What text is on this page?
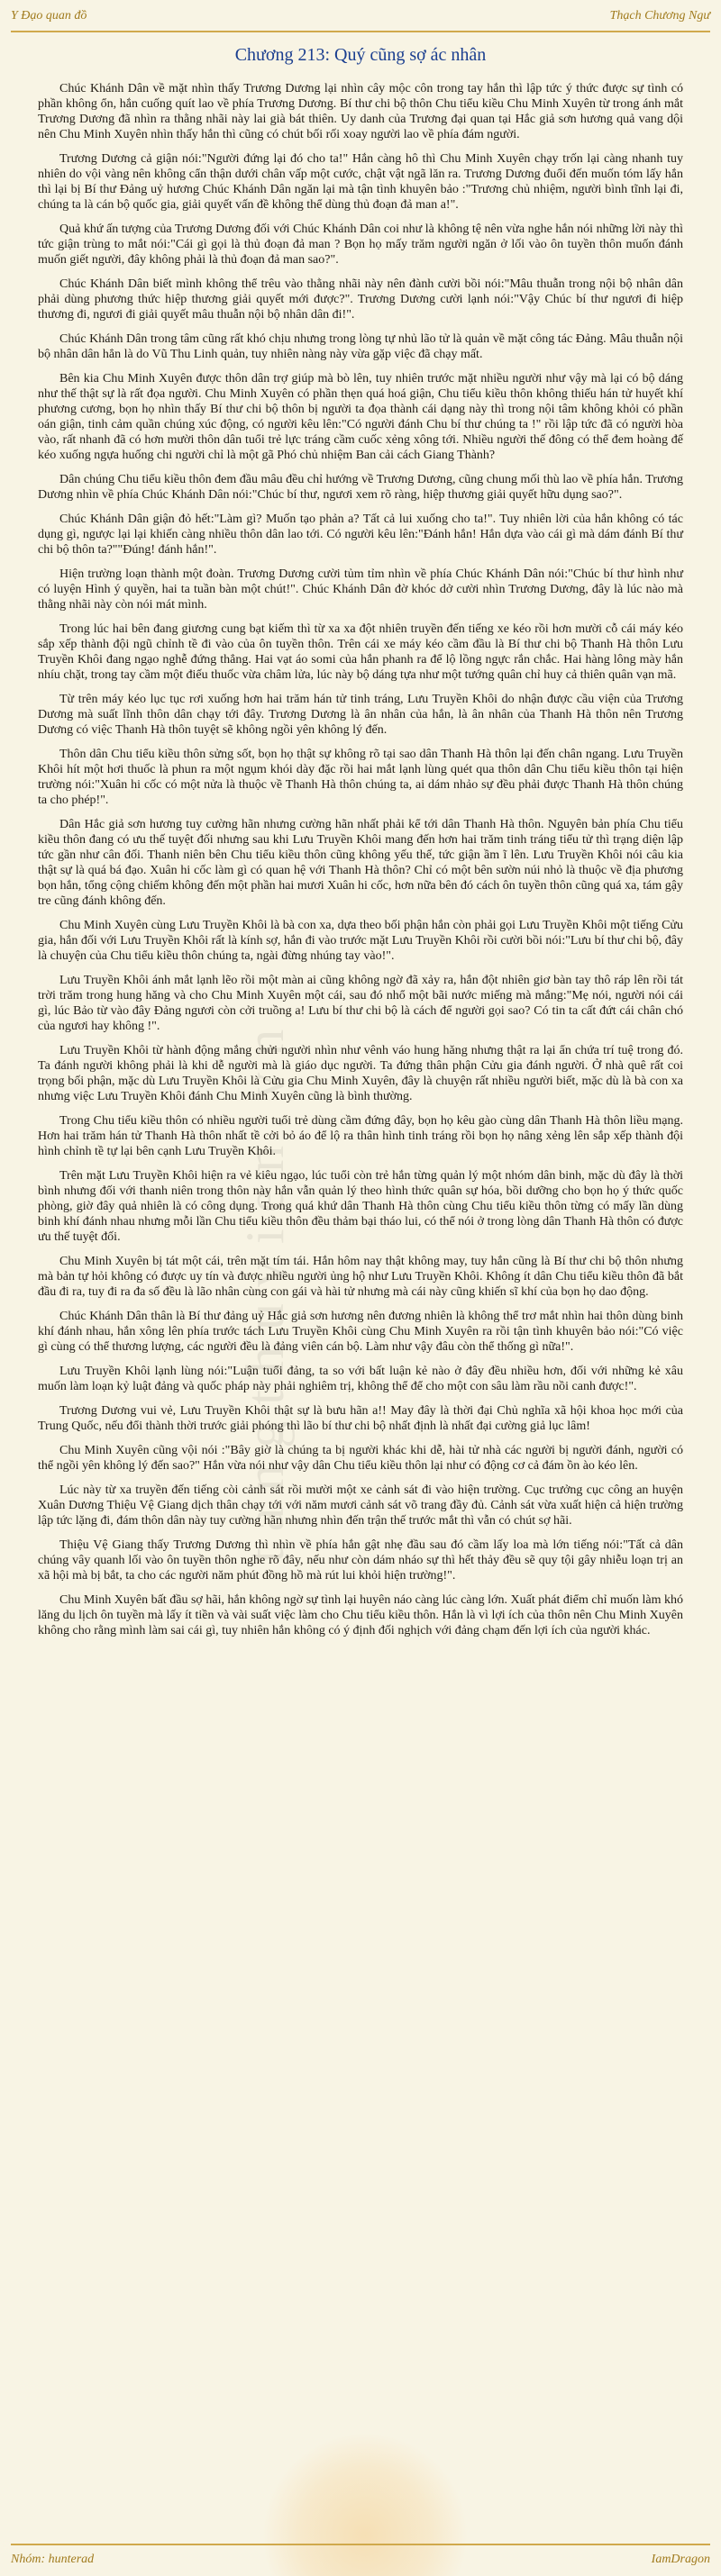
tangthuvien.vn
Y Đạo quan đồ	Thạch Chương Ngư
Chương 213: Quý cũng sợ ác nhân

Chúc Khánh Dân về mặt nhìn thấy Trương Dương lại nhìn cây mộc côn trong tay hắn thì lập tức ý thức được sự tình có phần không ổn, hắn cuống quít lao về phía Trương Dương. Bí thư chi bộ thôn Chu tiểu kiều Chu Minh Xuyên từ trong ánh mắt Trương Dương đã nhìn ra thằng nhãi này lai già bát thiên. Uy danh của Trương đại quan tại Hắc giả sơn hương quả vang dội nên Chu Minh Xuyên nhìn thấy hắn thì cũng có chút bối rối xoay người lao về phía đám người.

Trương Dương cả giận nói:"Người đứng lại đó cho ta!" Hắn càng hô thì Chu Minh Xuyên chạy trốn lại càng nhanh tuy nhiên do vội vàng nên không cẩn thận dưới chân vấp một cước, chật vật ngã lăn ra. Trương Dương đuổi đến muốn tóm lấy hắn thì lại bị Bí thư Đảng uỷ hương Chúc Khánh Dân ngăn lại mà tận tình khuyên bảo :"Trương chủ nhiệm, người bình tĩnh lại đi, chúng ta là cán bộ quốc gia, giải quyết vấn đề không thể dùng thủ đoạn đả man a!".

Quả khứ ấn tượng của Trương Dương đối với Chúc Khánh Dân coi như là không tệ nên vừa nghe hắn nói những lời này thì tức giận trùng to mắt nói:"Cái gì gọi là thủ đoạn đả man ? Bọn họ mấy trăm người ngăn ở lối vào ôn tuyền thôn muốn đánh muốn giết người, đây không phải là thủ đoạn đả man sao?".

Chúc Khánh Dân biết mình không thể trêu vào thằng nhãi này nên đành cười bồi nói:"Mâu thuẫn trong nội bộ nhân dân phải dùng phương thức hiệp thương giải quyết mới được?". Trương Dương cười lạnh nói:"Vậy Chúc bí thư ngươi đi hiệp thương đi, ngươi đi giải quyết mâu thuẫn nội bộ nhân dân đi!".

Chúc Khánh Dân trong tâm cũng rất khó chịu nhưng trong lòng tự nhủ lão tử là quản về mặt công tác Đảng. Mâu thuẫn nội bộ nhân dân hẳn là do Vũ Thu Linh quản, tuy nhiên nàng này vừa gặp việc đã chạy mất.

Bên kia Chu Minh Xuyên được thôn dân trợ giúp mà bò lên, tuy nhiên trước mặt nhiều người như vậy mà lại có bộ dáng như thế thật sự là rất đọa người. Chu Minh Xuyên có phần thẹn quá hoá giận, Chu tiểu kiều thôn không thiếu hán tử huyết khí phương cương, bọn họ nhìn thấy Bí thư chi bộ thôn bị người ta đọa thành cái dạng này thì trong nội tâm không khỏi có phần oán giận, tinh cảm quần chúng xúc động, có người kêu lên:"Có người đánh Chu bí thư chúng ta !" rồi lập tức đã có người hòa vào, rất nhanh đã có hơn mười thôn dân tuổi trẻ lực tráng cầm cuốc xẻng xông tới. Nhiều người thế đông có thể đem hoàng đế kéo xuống ngựa huống chi người chỉ là một gã Phó chủ nhiệm Ban cải cách Giang Thành?

Dân chúng Chu tiểu kiều thôn đem đầu mâu đều chỉ hướng về Trương Dương, cũng chung mối thù lao về phía hắn. Trương Dương nhìn về phía Chúc Khánh Dân nói:"Chúc bí thư, ngươi xem rõ ràng, hiệp thương giải quyết hữu dụng sao?".

Chúc Khánh Dân giận đỏ hết:"Làm gì? Muốn tạo phản a? Tất cả lui xuống cho ta!". Tuy nhiên lời của hắn không có tác dụng gì, ngược lại lại khiến càng nhiều thôn dân lao tới. Có người kêu lên:"Đánh hắn! Hắn dựa vào cái gì mà dám đánh Bí thư chi bộ thôn ta?""Đúng! đánh hắn!".

Hiện trường loạn thành một đoàn. Trương Dương cười tủm tỉm nhìn về phía Chúc Khánh Dân nói:"Chúc bí thư hình như có luyện Hình ý quyền, hai ta tuần bàn một chút!". Chúc Khánh Dân đờ khóc dở cười nhìn Trương Dương, đây là lúc nào mà thằng nhãi này còn nói mát mình.

Trong lúc hai bên đang giương cung bạt kiếm thì từ xa xa đột nhiên truyền đến tiếng xe kéo rồi hơn mười cỗ cái máy kéo sắp xếp thành đội ngũ chỉnh tề đi vào của ôn tuyền thôn. Trên cái xe máy kéo cầm đầu là Bí thư chi bộ Thanh Hà thôn Lưu Truyền Khôi đang ngạo nghễ đứng thẳng. Hai vạt áo somi của hắn phanh ra để lộ lồng ngực rắn chắc. Hai hàng lông mày hắn nhíu chặt, trong tay cầm một điếu thuốc vừa châm lửa, lúc này bộ dáng tựa như một tướng quân chỉ huy cả thiên quân vạn mã.

Từ trên máy kéo lục tục rơi xuống hơn hai trăm hán tử tinh tráng, Lưu Truyền Khôi do nhận được cầu viện của Trương Dương mà suất lĩnh thôn dân chạy tới đây. Trương Dương là ân nhân của hắn, là ân nhân của Thanh Hà thôn nên Trương Dương có việc Thanh Hà thôn tuyệt sẽ không ngồi yên không lý đến.

Thôn dân Chu tiểu kiều thôn sửng sốt, bọn họ thật sự không rõ tại sao dân Thanh Hà thôn lại đến chân ngang. Lưu Truyền Khôi hít một hơi thuốc là phun ra một ngụm khói dày đặc rồi hai mắt lạnh lùng quét qua thôn dân Chu tiểu kiều thôn tại hiện trường nói:"Xuân hi cốc có một nửa là thuộc về Thanh Hà thôn chúng ta, ai dám nhảo sự đều phải được Thanh Hà thôn chúng ta cho phép!".

Dân Hắc giả sơn hương tuy cường hãn nhưng cường hãn nhất phải kể tới dân Thanh Hà thôn. Nguyên bản phía Chu tiểu kiều thôn đang có ưu thế tuyệt đối nhưng sau khi Lưu Truyền Khôi mang đến hơn hai trăm tinh tráng tiểu tử thì trạng diện lập tức gần như cân đối. Thanh niên bên Chu tiểu kiều thôn cũng không yếu thế, tức giận ầm ĩ lên. Lưu Truyền Khôi nói câu kia thật sự là quá bá đạo. Xuân hi cốc làm gì có quan hệ với Thanh Hà thôn? Chỉ có một bên sườn núi nhỏ là thuộc về địa phương bọn hắn, tổng cộng chiếm không đến một phần hai mươi Xuân hi cốc, hơn nữa bên đó cách ôn tuyền thôn cũng quá xa, tám gậy tre cũng đánh không đến.

Chu Minh Xuyên cùng Lưu Truyền Khôi là bà con xa, dựa theo bối phận hắn còn phải gọi Lưu Truyền Khôi một tiếng Cửu gia, hắn đối với Lưu Truyền Khôi rất là kính sợ, hắn đi vào trước mặt Lưu Truyền Khôi rồi cười bồi nói:"Lưu bí thư chi bộ, đây là chuyện của Chu tiểu kiều thôn chúng ta, ngài đừng nhúng tay vào!".

Lưu Truyền Khôi ánh mắt lạnh lẽo rồi một màn ai cũng không ngờ đã xảy ra, hắn đột nhiên giơ bàn tay thô ráp lên rồi tát trời trăm trong hung hăng và cho Chu Minh Xuyên một cái, sau đó nhổ một bãi nước miếng mà mắng:"Mẹ nói, người nói cái gì, lúc Bảo từ vào đây Đảng ngươi còn cởi truồng a! Lưu bí thư chi bộ là cách để người gọi sao? Có tin ta cất đứt cái chân chó của ngươi hay không !".

Lưu Truyền Khôi từ hành động mắng chửi người nhìn như vênh váo hung hăng nhưng thật ra lại ẩn chứa trí tuệ trong đó. Ta đánh người không phải là khi dễ người mà là giáo dục người. Ta đứng thân phận Cửu gia đánh người. Ở nhà quê rất coi trọng bối phận, mặc dù Lưu Truyền Khôi là Cửu gia Chu Minh Xuyên, đây là chuyện rất nhiều người biết, mặc dù là bà con xa nhưng việc Lưu Truyền Khôi đánh Chu Minh Xuyên cũng là bình thường.

Trong Chu tiểu kiều thôn có nhiều người tuổi trẻ dùng cầm đứng đây, bọn họ kêu gào cùng dân Thanh Hà thôn liều mạng. Hơn hai trăm hán tử Thanh Hà thôn nhất tề cởi bỏ áo để lộ ra thân hình tinh tráng rồi bọn họ nâng xẻng lên sắp xếp thành đội hình chỉnh tề tự lại bên cạnh Lưu Truyền Khôi.

Trên mặt Lưu Truyền Khôi hiện ra vẻ kiêu ngạo, lúc tuổi còn trẻ hắn từng quản lý một nhóm dân binh, mặc dù đây là thời bình nhưng đối với thanh niên trong thôn này hắn vẫn quản lý theo hình thức quân sự hóa, bồi dưỡng cho bọn họ ý thức quốc phòng, giờ đây quả nhiên là có công dụng. Trong quá khứ dân Thanh Hà thôn cùng Chu tiểu kiều thôn từng có mấy lần dùng binh khí đánh nhau nhưng mỗi lần Chu tiểu kiều thôn đều thảm bại tháo lui, có thể nói ở trong lòng dân Thanh Hà thôn có được ưu thế tuyệt đối.

Chu Minh Xuyên bị tát một cái, trên mặt tím tái. Hắn hôm nay thật không may, tuy hắn cũng là Bí thư chi bộ thôn nhưng mà bản tự hỏi không có được uy tín và được nhiều người ủng hộ như Lưu Truyền Khôi. Không ít dân Chu tiểu kiều thôn đã bắt đầu đi ra, tuy đi ra đa số đều là lão nhân cùng con gái và hài tử nhưng mà cái này cũng khiến sĩ khí của bọn họ dao động.

Chúc Khánh Dân thân là Bí thư đảng uỷ Hắc giả sơn hương nên đương nhiên là không thể trơ mắt nhìn hai thôn dùng binh khí đánh nhau, hắn xông lên phía trước tách Lưu Truyền Khôi cùng Chu Minh Xuyên ra rồi tận tình khuyên bảo nói:"Có việc gì cùng có thể thương lượng, các người đều là đảng viên cán bộ. Làm như vậy đâu còn thể thống gì nữa!".

Lưu Truyền Khôi lạnh lùng nói:"Luận tuổi đảng, ta so với bất luận kẻ nào ở đây đều nhiều hơn, đối với những kẻ xâu muốn làm loạn kỷ luật đảng và quốc pháp này phải nghiêm trị, không thể để cho một con sâu làm rầu nồi canh được!".

Trương Dương vui vẻ, Lưu Truyền Khôi thật sự là bưu hãn a!! May đây là thời đại Chủ nghĩa xã hội khoa học mới của Trung Quốc, nếu đổi thành thời trước giải phóng thì lão bí thư chi bộ nhất định là nhất đại cường giả lục lâm!

Chu Minh Xuyên cũng vội nói :"Bây giờ là chúng ta bị người khác khi dễ, hài tử nhà các người bị người đánh, người có thể ngồi yên không lý đến sao?" Hắn vừa nói như vậy dân Chu tiểu kiều thôn lại như có động cơ cả đám ồn ào kéo lên.

Lúc này từ xa truyền đến tiếng còi cảnh sát rồi mười một xe cảnh sát đi vào hiện trường. Cục trưởng cục công an huyện Xuân Dương Thiệu Vệ Giang dịch thân chạy tới với năm mươi cảnh sát võ trang đầy đủ. Cảnh sát vừa xuất hiện cả hiện trường lập tức lặng đi, đám thôn dân này tuy cường hãn nhưng nhìn đến trận thế trước mắt thì vẫn có chút sợ hãi.

Thiệu Vệ Giang thấy Trương Dương thì nhìn về phía hắn gật nhẹ đầu sau đó cầm lấy loa mà lớn tiếng nói:"Tất cả dân chúng vây quanh lối vào ôn tuyền thôn nghe rõ đây, nếu như còn dám nháo sự thì hết thảy đều sẽ quy tội gây nhiễu loạn trị an xã hội mà bị bắt, ta cho các người năm phút đồng hồ mà rút lui khỏi hiện trường!".

Chu Minh Xuyên bất đầu sợ hãi, hắn không ngờ sự tình lại huyên náo càng lúc càng lớn. Xuất phát điểm chỉ muốn làm khó lăng du lịch ôn tuyền mà lấy ít tiền và vài suất việc làm cho Chu tiểu kiều thôn. Hắn là vì lợi ích của thôn nên Chu Minh Xuyên không cho rằng mình làm sai cái gì, tuy nhiên hắn không có ý định đối nghịch với đảng chạm đến lợi ích của người khác.

Nhóm: hunterad	IamDragon
